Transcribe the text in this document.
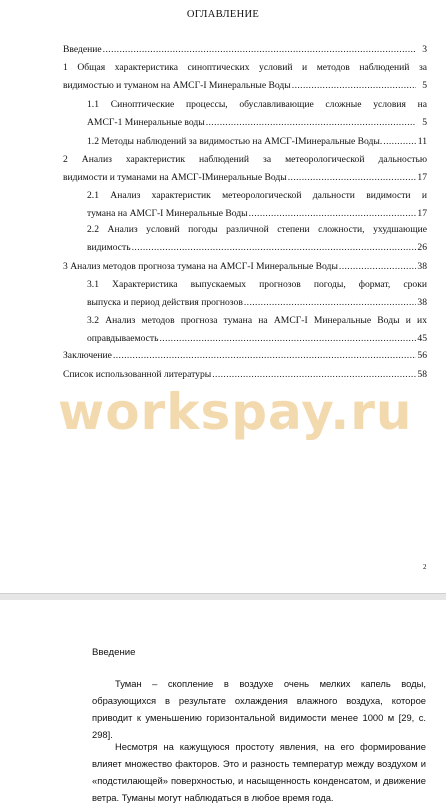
ОГЛАВЛЕНИЕ
Введение .....	3
1 Общая характеристика синоптических условий и методов наблюдений за
видимостью и туманом на АМСГ-I Минеральные Воды .....	5
1.1 Синоптические процессы, обуславливающие сложные условия на
АМСГ-1 Минеральные воды .....	5
1.2 Методы наблюдений за видимостью на АМСГ-IМинеральные Воды. .....	11
2 Анализ характеристик наблюдений за метеорологической дальностью
видимости и туманами на АМСГ-IМинеральные Воды .....	17
2.1 Анализ характеристик метеорологической дальности видимости и
тумана на АМСГ-I Минеральные Воды .....	17
2.2 Анализ условий погоды различной степени сложности, ухудшающие
видимость .....	26
3 Анализ методов прогноза тумана на АМСГ-I Минеральные Воды .....	38
3.1 Характеристика выпускаемых прогнозов погоды, формат, сроки
выпуска и период действия прогнозов .....	38
3.2 Анализ методов прогноза тумана на АМСГ-I Минеральные Воды и их
оправдываемость .....	45
Заключение .....	56
Список использованной литературы .....	58
workspay.ru
2
Введение
Туман – скопление в воздухе очень мелких капель воды, образующихся в результате охлаждения влажного воздуха, которое приводит к уменьшению горизонтальной видимости менее 1000 м [29, с. 298].
Несмотря на кажущуюся простоту явления, на его формирование влияет множество факторов. Это и разность температур между воздухом и «подстилающей» поверхностью, и насыщенность конденсатом, и движение ветра. Туманы могут наблюдаться в любое время года.
